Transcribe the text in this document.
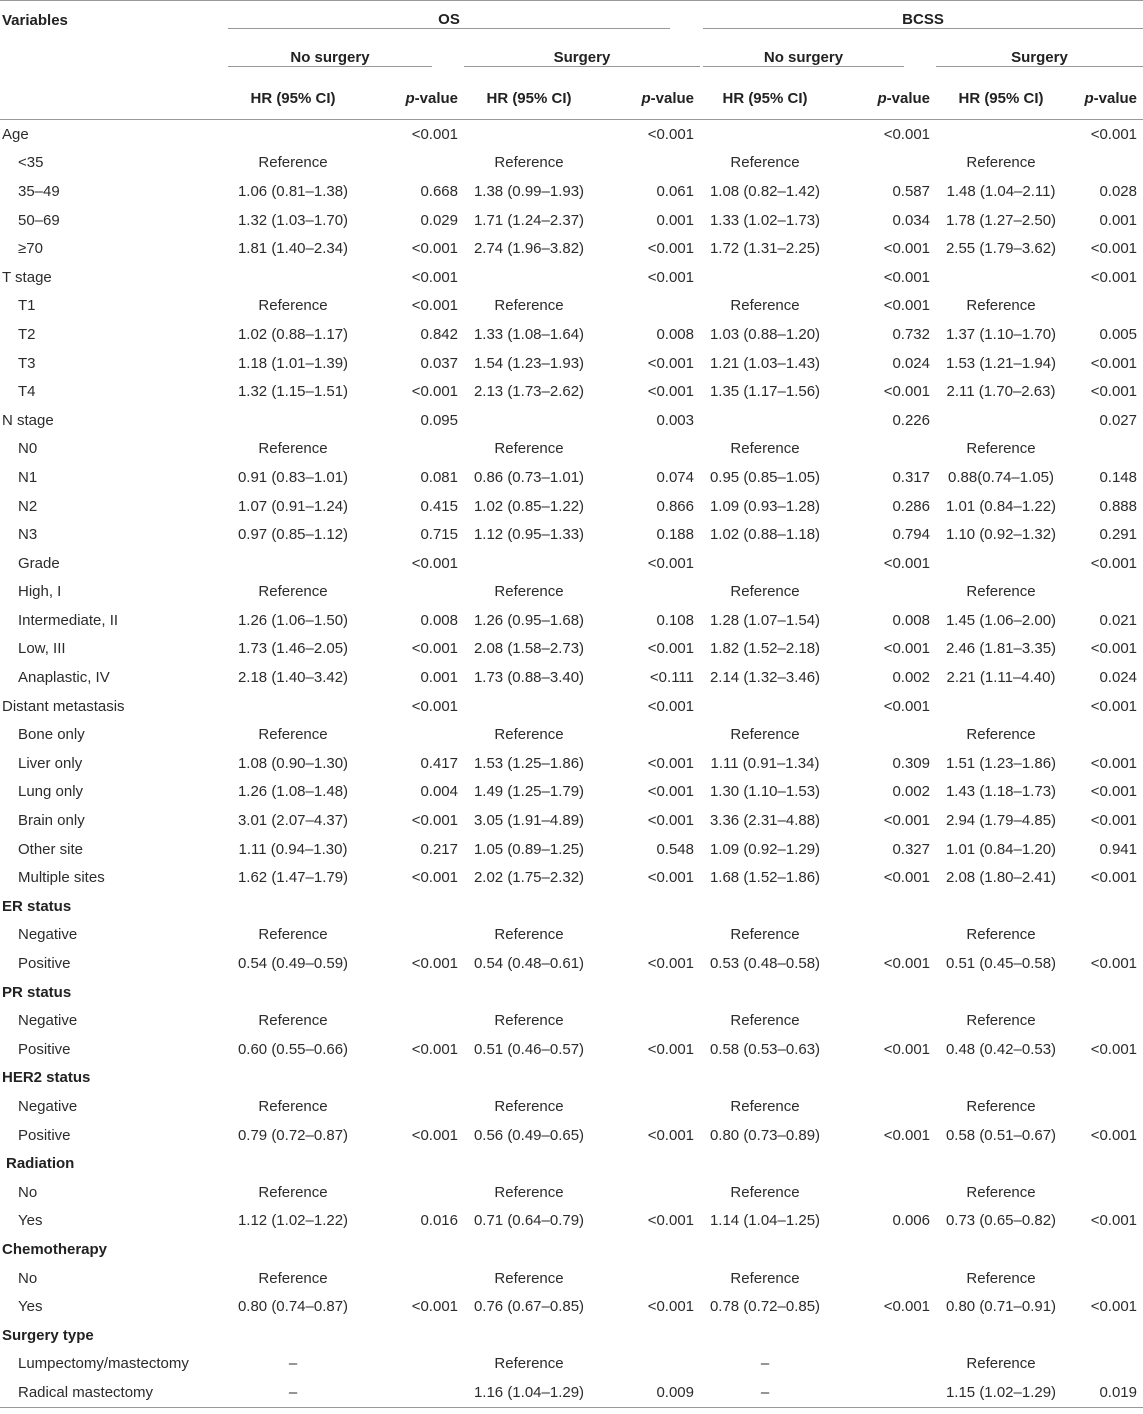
Variables	OS				BCSS			

	No surgery		Surgery		No surgery		Surgery	

	HR (95% CI)	p-value	HR (95% CI)	p-value	HR (95% CI)	p-value	HR (95% CI)	p-value
Age		<0.001		<0.001		<0.001		<0.001
<35	Reference		Reference		Reference		Reference	
35–49	1.06 (0.81–1.38)	0.668	1.38 (0.99–1.93)	0.061	1.08 (0.82–1.42)	0.587	1.48 (1.04–2.11)	0.028
50–69	1.32 (1.03–1.70)	0.029	1.71 (1.24–2.37)	0.001	1.33 (1.02–1.73)	0.034	1.78 (1.27–2.50)	0.001
≥70	1.81 (1.40–2.34)	<0.001	2.74 (1.96–3.82)	<0.001	1.72 (1.31–2.25)	<0.001	2.55 (1.79–3.62)	<0.001
T stage		<0.001		<0.001		<0.001		<0.001
T1	Reference	<0.001	Reference		Reference	<0.001	Reference	
T2	1.02 (0.88–1.17)	0.842	1.33 (1.08–1.64)	0.008	1.03 (0.88–1.20)	0.732	1.37 (1.10–1.70)	0.005
T3	1.18 (1.01–1.39)	0.037	1.54 (1.23–1.93)	<0.001	1.21 (1.03–1.43)	0.024	1.53 (1.21–1.94)	<0.001
T4	1.32 (1.15–1.51)	<0.001	2.13 (1.73–2.62)	<0.001	1.35 (1.17–1.56)	<0.001	2.11 (1.70–2.63)	<0.001
N stage		0.095		0.003		0.226		0.027
N0	Reference		Reference		Reference		Reference	
N1	0.91 (0.83–1.01)	0.081	0.86 (0.73–1.01)	0.074	0.95 (0.85–1.05)	0.317	0.88(0.74–1.05)	0.148
N2	1.07 (0.91–1.24)	0.415	1.02 (0.85–1.22)	0.866	1.09 (0.93–1.28)	0.286	1.01 (0.84–1.22)	0.888
N3	0.97 (0.85–1.12)	0.715	1.12 (0.95–1.33)	0.188	1.02 (0.88–1.18)	0.794	1.10 (0.92–1.32)	0.291
Grade		<0.001		<0.001		<0.001		<0.001
High, I	Reference		Reference		Reference		Reference	
Intermediate, II	1.26 (1.06–1.50)	0.008	1.26 (0.95–1.68)	0.108	1.28 (1.07–1.54)	0.008	1.45 (1.06–2.00)	0.021
Low, III	1.73 (1.46–2.05)	<0.001	2.08 (1.58–2.73)	<0.001	1.82 (1.52–2.18)	<0.001	2.46 (1.81–3.35)	<0.001
Anaplastic, IV	2.18 (1.40–3.42)	0.001	1.73 (0.88–3.40)	<0.111	2.14 (1.32–3.46)	0.002	2.21 (1.11–4.40)	0.024
Distant metastasis		<0.001		<0.001		<0.001		<0.001
Bone only	Reference		Reference		Reference		Reference	
Liver only	1.08 (0.90–1.30)	0.417	1.53 (1.25–1.86)	<0.001	1.11 (0.91–1.34)	0.309	1.51 (1.23–1.86)	<0.001
Lung only	1.26 (1.08–1.48)	0.004	1.49 (1.25–1.79)	<0.001	1.30 (1.10–1.53)	0.002	1.43 (1.18–1.73)	<0.001
Brain only	3.01 (2.07–4.37)	<0.001	3.05 (1.91–4.89)	<0.001	3.36 (2.31–4.88)	<0.001	2.94 (1.79–4.85)	<0.001
Other site	1.11 (0.94–1.30)	0.217	1.05 (0.89–1.25)	0.548	1.09 (0.92–1.29)	0.327	1.01 (0.84–1.20)	0.941
Multiple sites	1.62 (1.47–1.79)	<0.001	2.02 (1.75–2.32)	<0.001	1.68 (1.52–1.86)	<0.001	2.08 (1.80–2.41)	<0.001
ER status								
Negative	Reference		Reference		Reference		Reference	
Positive	0.54 (0.49–0.59)	<0.001	0.54 (0.48–0.61)	<0.001	0.53 (0.48–0.58)	<0.001	0.51 (0.45–0.58)	<0.001
PR status								
Negative	Reference		Reference		Reference		Reference	
Positive	0.60 (0.55–0.66)	<0.001	0.51 (0.46–0.57)	<0.001	0.58 (0.53–0.63)	<0.001	0.48 (0.42–0.53)	<0.001
HER2 status								
Negative	Reference		Reference		Reference		Reference	
Positive	0.79 (0.72–0.87)	<0.001	0.56 (0.49–0.65)	<0.001	0.80 (0.73–0.89)	<0.001	0.58 (0.51–0.67)	<0.001
Radiation								
No	Reference		Reference		Reference		Reference	
Yes	1.12 (1.02–1.22)	0.016	0.71 (0.64–0.79)	<0.001	1.14 (1.04–1.25)	0.006	0.73 (0.65–0.82)	<0.001
Chemotherapy								
No	Reference		Reference		Reference		Reference	
Yes	0.80 (0.74–0.87)	<0.001	0.76 (0.67–0.85)	<0.001	0.78 (0.72–0.85)	<0.001	0.80 (0.71–0.91)	<0.001
Surgery type								
Lumpectomy/mastectomy	–		Reference		–		Reference	
Radical mastectomy	–		1.16 (1.04–1.29)	0.009	–		1.15 (1.02–1.29)	0.019
